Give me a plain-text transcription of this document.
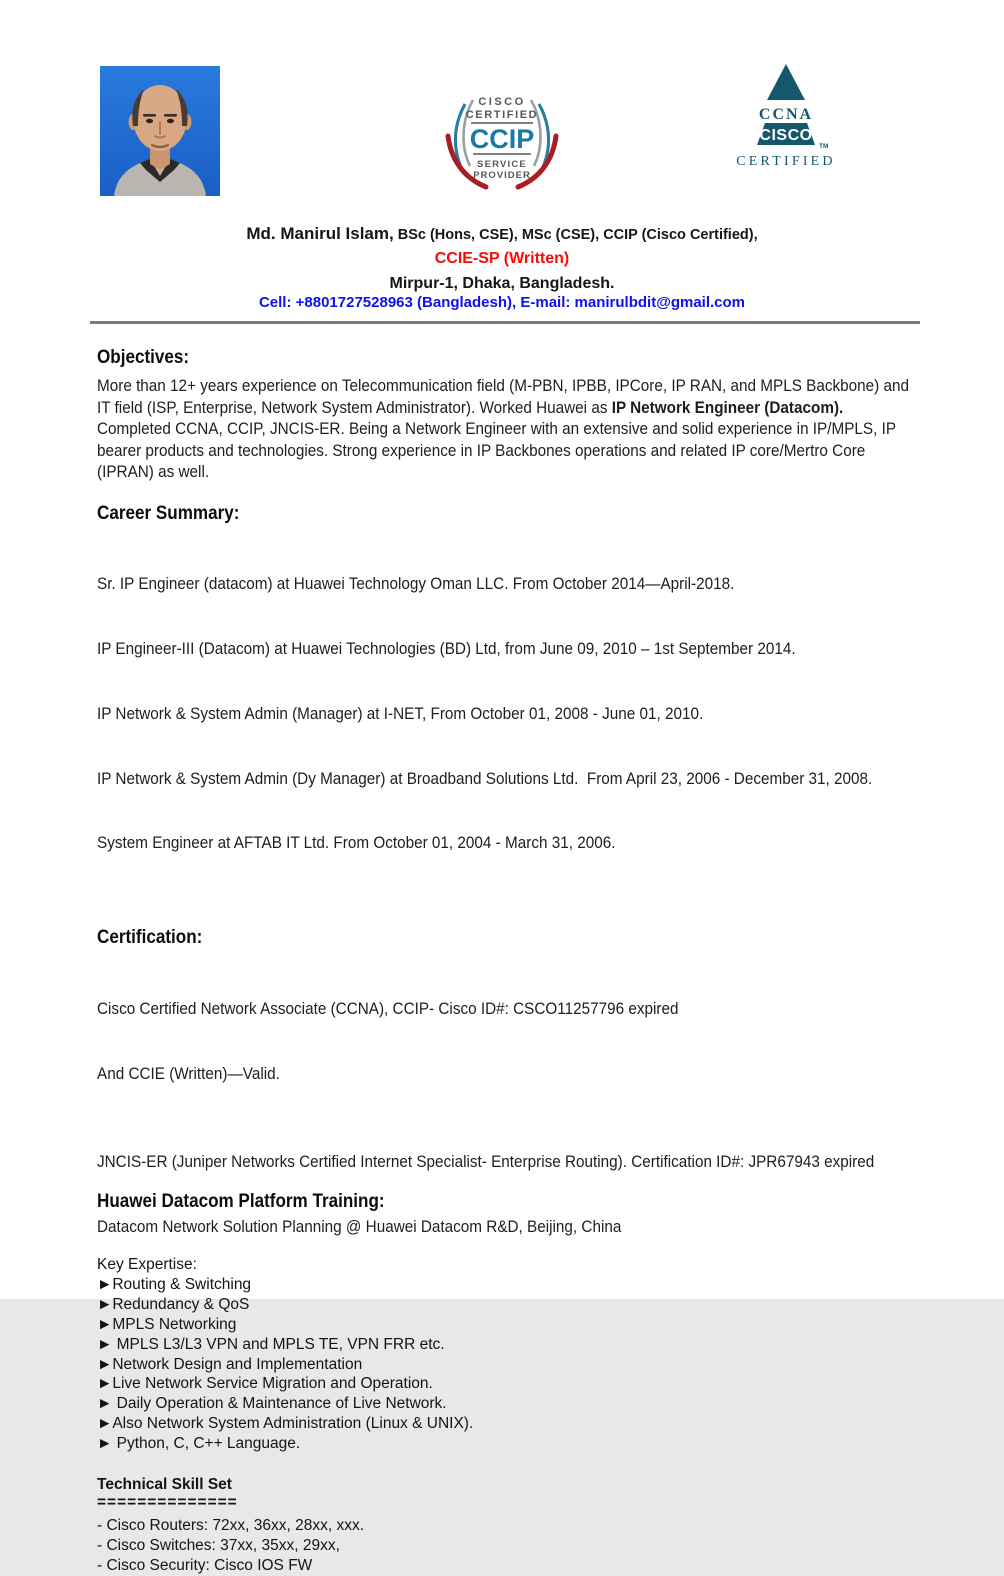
CISCO
CERTIFIED
CCIP
SERVICE
PROVIDER
CCNA
CISCO
TM
CERTIFIED
Md. Manirul Islam, BSc (Hons, CSE), MSc (CSE), CCIP (Cisco Certified),
CCIE-SP (Written)
Mirpur-1, Dhaka, Bangladesh.
Cell: +8801727528963 (Bangladesh), E-mail: manirulbdit@gmail.com
Objectives:

More than 12+ years experience on Telecommunication field (M-PBN, IPBB, IPCore, IP RAN, and MPLS Backbone) and IT field (ISP, Enterprise, Network System Administrator). Worked Huawei as IP Network Engineer (Datacom).  Completed CCNA, CCIP, JNCIS-ER. Being a Network Engineer with an extensive and solid experience in IP/MPLS, IP bearer products and technologies. Strong experience in IP Backbones operations and related IP core/Mertro Core (IPRAN) as well.

Career Summary:

Sr. IP Engineer (datacom) at Huawei Technology Oman LLC. From October 2014—April-2018.

IP Engineer-III (Datacom) at Huawei Technologies (BD) Ltd, from June 09, 2010 – 1st September 2014.

IP Network & System Admin (Manager) at I-NET, From October 01, 2008 - June 01, 2010.

IP Network & System Admin (Dy Manager) at Broadband Solutions Ltd.  From April 23, 2006 - December 31, 2008.

System Engineer at AFTAB IT Ltd. From October 01, 2004 - March 31, 2006.

Certification:

Cisco Certified Network Associate (CCNA), CCIP- Cisco ID#: CSCO11257796 expired

And CCIE (Written)—Valid.

JNCIS-ER (Juniper Networks Certified Internet Specialist- Enterprise Routing). Certification ID#: JPR67943 expired

Huawei Datacom Platform Training:

Datacom Network Solution Planning @ Huawei Datacom R&D, Beijing, China

Key Expertise:
►Routing & Switching
►Redundancy & QoS
►MPLS Networking
► MPLS L3/L3 VPN and MPLS TE, VPN FRR etc.
►Network Design and Implementation
►Live Network Service Migration and Operation.
► Daily Operation & Maintenance of Live Network.
►Also Network System Administration (Linux & UNIX).
► Python, C, C++ Language.
Technical Skill Set
==============
- Cisco Routers: 72xx, 36xx, 28xx, xxx.
- Cisco Switches: 37xx, 35xx, 29xx,
- Cisco Security: Cisco IOS FW
